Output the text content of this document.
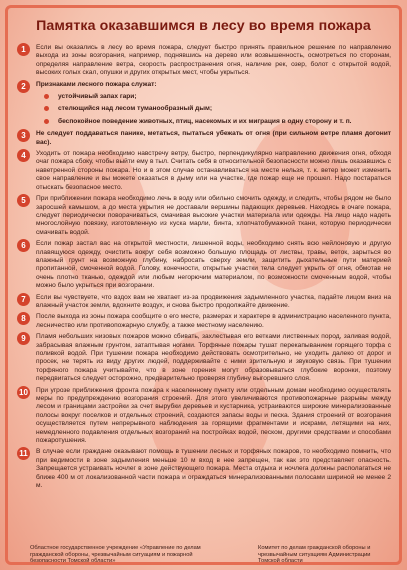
Памятка оказавшимся в лесу во время пожара
1	Если вы оказались в лесу во время пожара, следует быстро принять правильное решение по направлению выхода из зоны возгорания, например, поднявшись на дерево или возвышенность, осмотреться по сторонам, определяя направление ветра, скорость распространения огня, наличие рек, озер, болот с открытой водой, высоких голых скал, опушки и других открытых мест, чтобы укрыться.
2	Признаками лесного пожара служат:
устойчивый запах гари;
стелющийся над лесом туманообразный дым;
беспокойное поведение животных, птиц, насекомых и их миграция в одну сторону и т. п.
3	Не следует поддаваться панике, метаться, пытаться убежать от огня (при сильном ветре пламя догонит вас).
4	Уходить от пожара необходимо навстречу ветру, быстро, перпендикулярно направлению движения огня, обходя очаг пожара сбоку, чтобы выйти ему в тыл. Считать себя в относительной безопасности можно лишь оказавшись с наветренной стороны пожара. Но и в этом случае останавливаться на месте нельзя, т. к. ветер может изменить свое направление и вы можете оказаться в дыму или на участке, где пожар еще не прошел. Надо постараться отыскать безопасное место.
5	При приближении пожара необходимо лечь в воду или обильно смочить одежду, и следить, чтобы рядом не было заросшей камышом, а до места укрытия не доставали вершины падающих деревьев. Находясь в очаге пожара, следует периодически поворачиваться, смачивая высокие участки материала или одежды. На лицо надо надеть многослойную повязку, изготовленную из куска марли, бинта, хлопчатобумажной ткани, которую периодически смачивать водой.
6	Если пожар застал вас на открытой местности, лишенной воды, необходимо снять всю нейлоновую и другую плавящуюся одежду, очистить вокруг себя возможно большую площадь от листвы, травы, веток, зарыться во влажный грунт на возможную глубину, набросать сверху земли, защитить дыхательные пути материей пропитанной, смоченной водой. Голову, конечности, открытые участки тела следует укрыть от огня, обмотав не очень плотно тканью, одеждой или любым негорючим материалом, по возможности смоченным водой, чтобы можно было укрыться при возгорании.
7	Если вы чувствуете, что вздох вам не хватает из-за продвижения задымленного участка, падайте лицом вниз на влажный участок земли, вдохните воздух, и снова быстро продолжайте движение.
8	После выхода из зоны пожара сообщите о его месте, размерах и характере в администрацию населенного пункта, лесничество или противопожарную службу, а также местному населению.
9	Пламя небольших низовых пожаров можно сбивать, захлестывая его ветками лиственных пород, заливая водой, забрасывая влажным грунтом, затаптывая ногами. Торфяные пожары тушат перекапыванием горящего торфа с поливкой водой. При тушении пожара необходимо действовать осмотрительно, не уходить далеко от дорог и просек, не терять из виду других людей, поддерживайте с ними зрительную и звуковую связь. При тушении торфяного пожара учитывайте, что в зоне горения могут образовываться глубокие воронки, поэтому передвигаться следует осторожно, предварительно проверяя глубину выгоревшего слоя.
10	При угрозе приближения фронта пожара к населенному пункту или отдельным домам необходимо осуществлять меры по предупреждению возгорания строений. Для этого увеличиваются противопожарные разрывы между лесом и границами застройки за счет вырубки деревьев и кустарника, устраиваются широкие минерализованные полосы вокруг поселков и отдельных строений, создаются запасы воды и песка. Здания строений от возгорания осуществляется путем непрерывного наблюдения за горящими фрагментами и искрами, летящими на них, немедленного подавления отдельных возгораний на постройках водой, песком, другими средствами и способами пожаротушения.
11	В случае если граждане оказывают помощь в тушении лесных и торфяных пожаров, то необходимо помнить, что при ведимости в зоне задымления меньше 10 м вход в нее запрещен, так как это представляет опасность. Запрещается устраивать ночлег в зоне действующего пожара. Места отдыха и ночлега должны располагаться не ближе 400 м от локализованной части пожара и ограждаться минерализованными полосами шириной не менее 2 м.
Областное государственное учреждение «Управление по делам гражданской обороны, чрезвычайным ситуациям и пожарной безопасности Томской области»
Комитет по делам гражданской обороны и чрезвычайным ситуациям Администрации Томской области
